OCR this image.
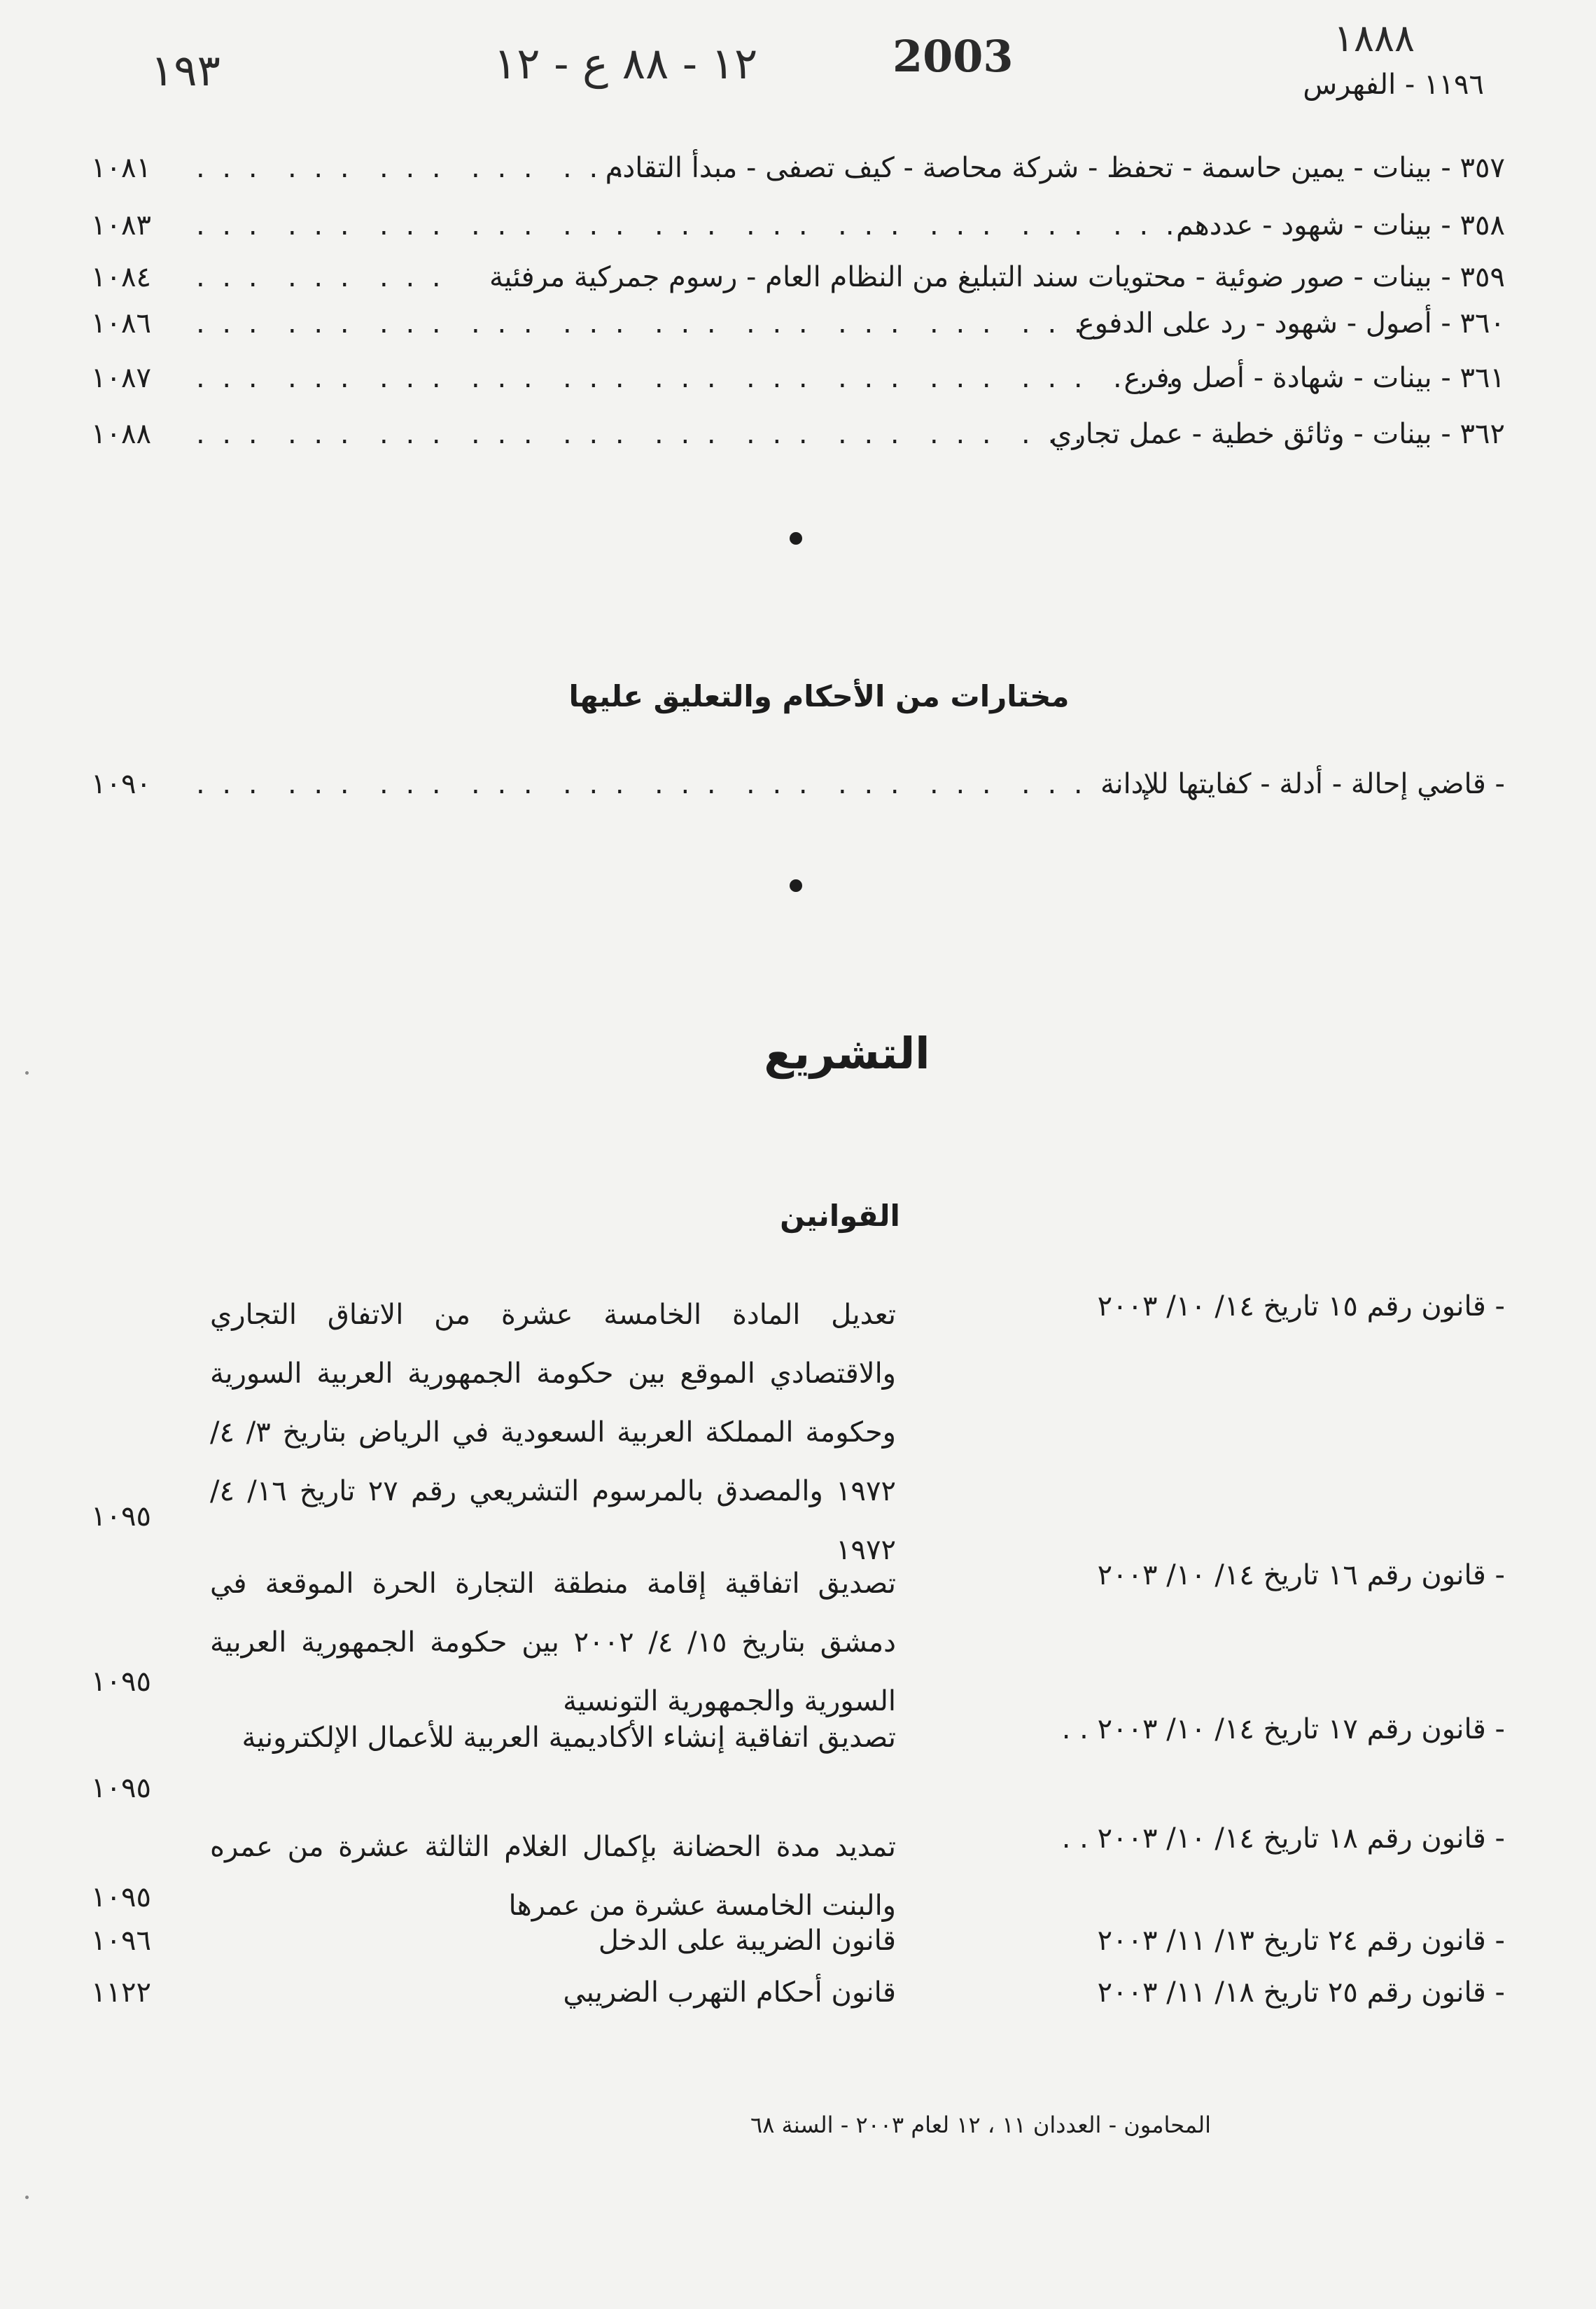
١٩٣	١٢ - ٨٨ ع - ١٢	2003	١٨٨٨
١١٩٦ - الفهرس
٣٥٧ - بينات - يمين حاسمة - تحفظ - شركة محاصة - كيف تصفى - مبدأ التقادم
. . .  . . .  . . .  . . .  . . .
١٠٨١
٣٥٨ - بينات - شهود - عددهم
. . .  . . .  . . .  . . .  . . .  . . .  . . .  . . .  . . .  . . .  . . .
١٠٨٣
٣٥٩ - بينات - صور ضوئية - محتويات سند التبليغ من النظام العام - رسوم جمركية مرفئية
. . .  . . .  . . .
١٠٨٤
٣٦٠ - أصول - شهود - رد على الدفوع
. . .  . . .  . . .  . . .  . . .  . . .  . . .  . . .  . . .  . . .
١٠٨٦
٣٦١ - بينات - شهادة - أصل وفرع
. . .  . . .  . . .  . . .  . . .  . . .  . . .  . . .  . . .  . . .  . . .
١٠٨٧
٣٦٢ - بينات - وثائق خطية - عمل تجاري
. . .  . . .  . . .  . . .  . . .  . . .  . . .  . . .  . . .  . . .
١٠٨٨
مختارات من الأحكام والتعليق عليها
- قاضي إحالة - أدلة - كفايتها للإدانة
. . .  . . .  . . .  . . .  . . .  . . .  . . .  . . .  . . .  . . .  . .
١٠٩٠
التشريع
القوانين
- قانون رقم ١٥ تاريخ ١٤/ ١٠/ ٢٠٠٣
تعديل المادة الخامسة عشرة من الاتفاق التجاري والاقتصادي الموقع بين حكومة الجمهورية العربية السورية وحكومة المملكة العربية السعودية في الرياض بتاريخ ٣/ ٤/ ١٩٧٢ والمصدق بالمرسوم التشريعي رقم ٢٧ تاريخ ١٦/ ٤/ ١٩٧٢
١٠٩٥
- قانون رقم ١٦ تاريخ ١٤/ ١٠/ ٢٠٠٣
تصديق اتفاقية إقامة منطقة التجارة الحرة الموقعة في دمشق بتاريخ ١٥/ ٤/ ٢٠٠٢ بين حكومة الجمهورية العربية السورية والجمهورية التونسية
١٠٩٥
- قانون رقم ١٧ تاريخ ١٤/ ١٠/ ٢٠٠٣ . .
تصديق اتفاقية إنشاء الأكاديمية العربية للأعمال الإلكترونية
١٠٩٥
- قانون رقم ١٨ تاريخ ١٤/ ١٠/ ٢٠٠٣ . .
تمديد مدة الحضانة بإكمال الغلام الثالثة عشرة من عمره والبنت الخامسة عشرة من عمرها
١٠٩٥
- قانون رقم ٢٤ تاريخ ١٣/ ١١/ ٢٠٠٣
قانون الضريبة على الدخل
١٠٩٦
- قانون رقم ٢٥ تاريخ ١٨/ ١١/ ٢٠٠٣
قانون أحكام التهرب الضريبي
١١٢٢
المحامون - العددان ١١ ، ١٢ لعام ٢٠٠٣ - السنة ٦٨
